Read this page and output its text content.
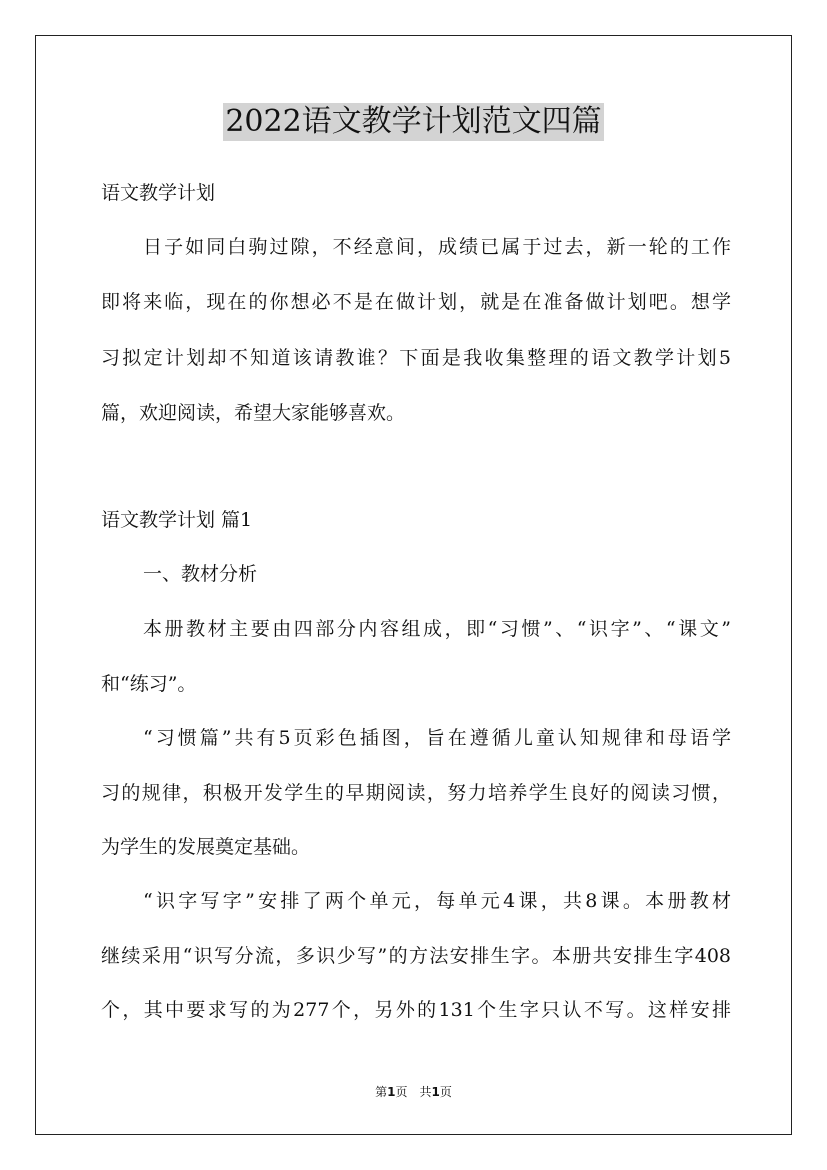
2022语文教学计划范文四篇
语文教学计划
日子如同白驹过隙，不经意间，成绩已属于过去，新一轮的工作
即将来临，现在的你想必不是在做计划，就是在准备做计划吧。想学
习拟定计划却不知道该请教谁？下面是我收集整理的语文教学计划5
篇，欢迎阅读，希望大家能够喜欢。
语文教学计划 篇1
一、教材分析
本册教材主要由四部分内容组成，即“习惯”、“识字”、“课文”
和“练习”。
“习惯篇”共有5页彩色插图，旨在遵循儿童认知规律和母语学
习的规律，积极开发学生的早期阅读，努力培养学生良好的阅读习惯，
为学生的发展奠定基础。
“识字写字”安排了两个单元，每单元4课，共8课。本册教材
继续采用“识写分流，多识少写”的方法安排生字。本册共安排生字408
个，其中要求写的为277个，另外的131个生字只认不写。这样安排
第1页　共1页
